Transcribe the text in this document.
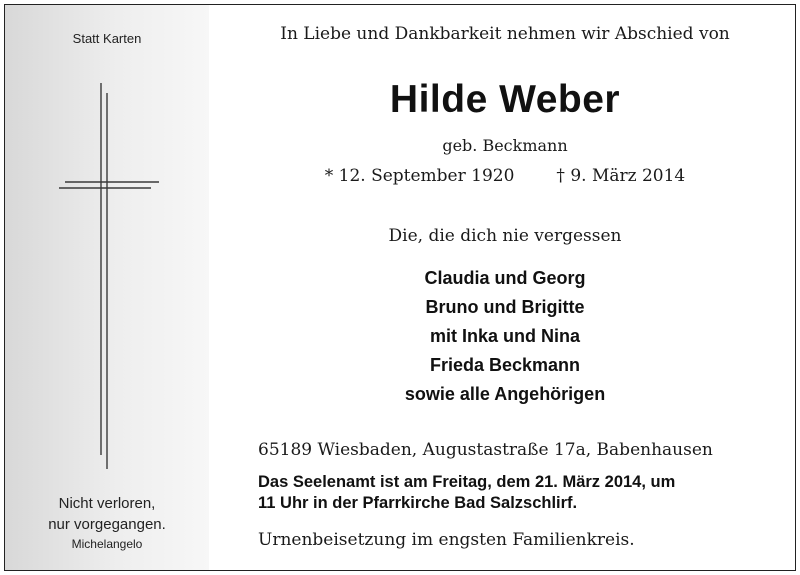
Statt Karten
Nicht verloren,
nur vorgegangen.
Michelangelo
In Liebe und Dankbarkeit nehmen wir Abschied von
Hilde Weber
geb. Beckmann
* 12. September 1920 † 9. März 2014
Die, die dich nie vergessen
Claudia und Georg
Bruno und Brigitte
mit Inka und Nina
Frieda Beckmann
sowie alle Angehörigen
65189 Wiesbaden, Augustastraße 17a, Babenhausen
Das Seelenamt ist am Freitag, dem 21. März 2014, um
11 Uhr in der Pfarrkirche Bad Salzschlirf.
Urnenbeisetzung im engsten Familienkreis.
